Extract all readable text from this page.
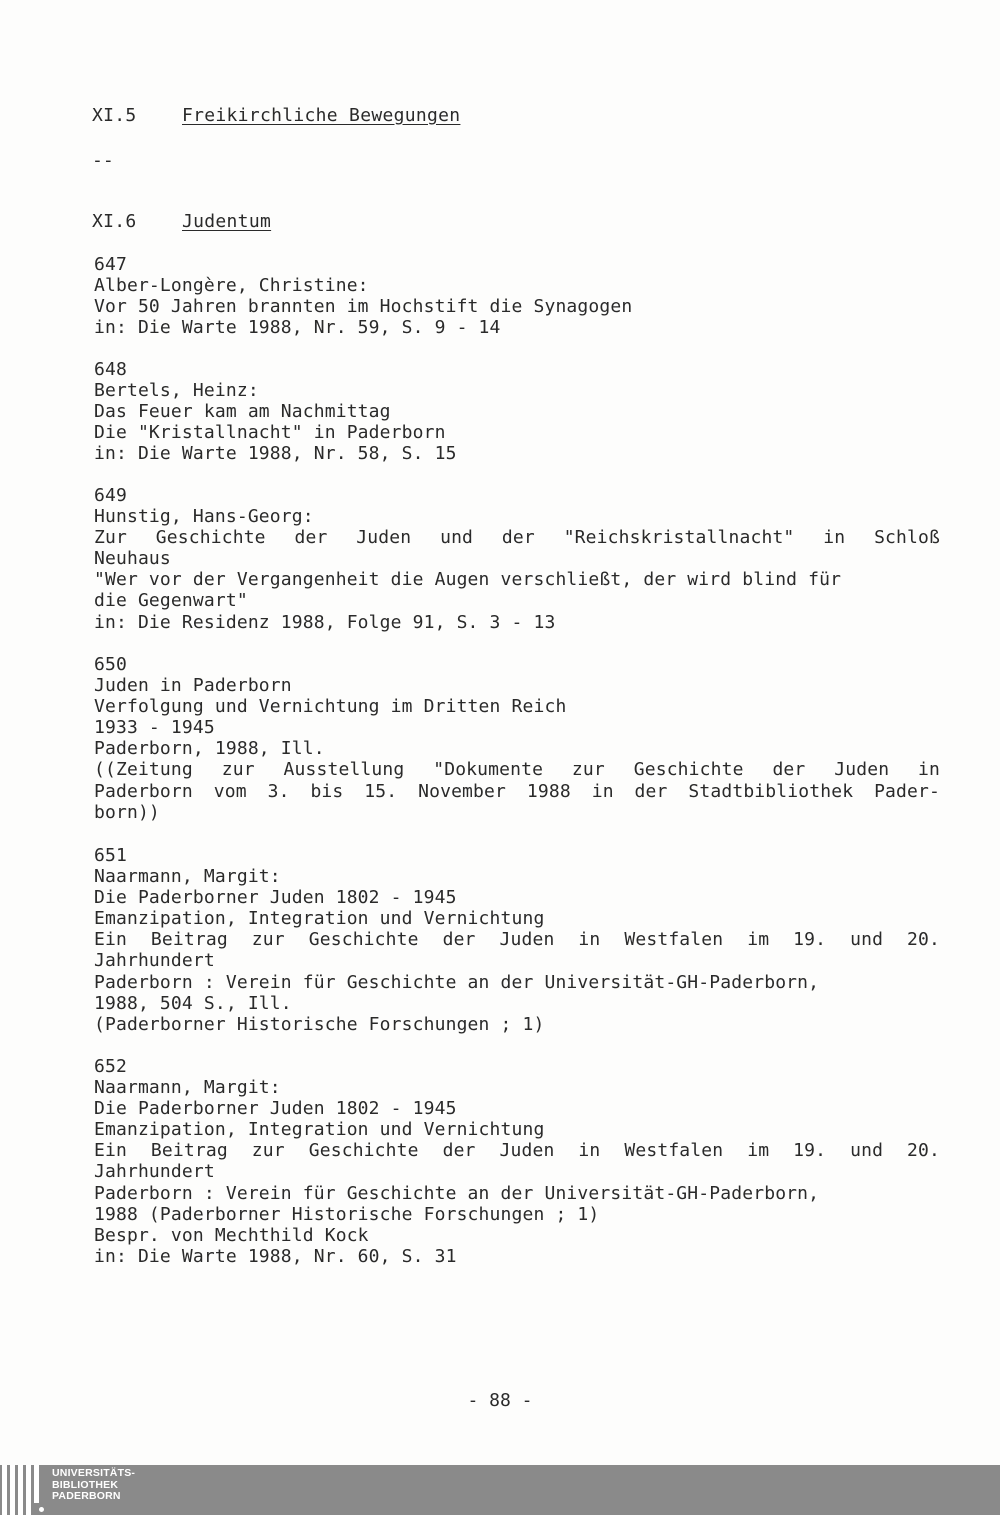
XI.5	Freikirchliche Bewegungen
--
XI.6	Judentum
647
Alber-Longère, Christine:
Vor 50 Jahren brannten im Hochstift die Synagogen
in: Die Warte 1988, Nr. 59, S. 9 - 14
648
Bertels, Heinz:
Das Feuer kam am Nachmittag
Die "Kristallnacht" in Paderborn
in: Die Warte 1988, Nr. 58, S. 15
649
Hunstig, Hans-Georg:
Zur Geschichte der Juden und der "Reichskristallnacht" in Schloß
Neuhaus
"Wer vor der Vergangenheit die Augen verschließt, der wird blind für
die Gegenwart"
in: Die Residenz 1988, Folge 91, S. 3 - 13
650
Juden in Paderborn
Verfolgung und Vernichtung im Dritten Reich
1933 - 1945
Paderborn, 1988, Ill.
((Zeitung zur Ausstellung "Dokumente zur Geschichte der Juden in
Paderborn vom 3. bis 15. November 1988 in der Stadtbibliothek Pader-
born))
651
Naarmann, Margit:
Die Paderborner Juden 1802 - 1945
Emanzipation, Integration und Vernichtung
Ein Beitrag zur Geschichte der Juden in Westfalen im 19. und 20.
Jahrhundert
Paderborn : Verein für Geschichte an der Universität-GH-Paderborn,
1988, 504 S., Ill.
(Paderborner Historische Forschungen ; 1)
652
Naarmann, Margit:
Die Paderborner Juden 1802 - 1945
Emanzipation, Integration und Vernichtung
Ein Beitrag zur Geschichte der Juden in Westfalen im 19. und 20.
Jahrhundert
Paderborn : Verein für Geschichte an der Universität-GH-Paderborn,
1988 (Paderborner Historische Forschungen ; 1)
Bespr. von Mechthild Kock
in: Die Warte 1988, Nr. 60, S. 31
- 88 -
UNIVERSITÄTS-
BIBLIOTHEK
PADERBORN
